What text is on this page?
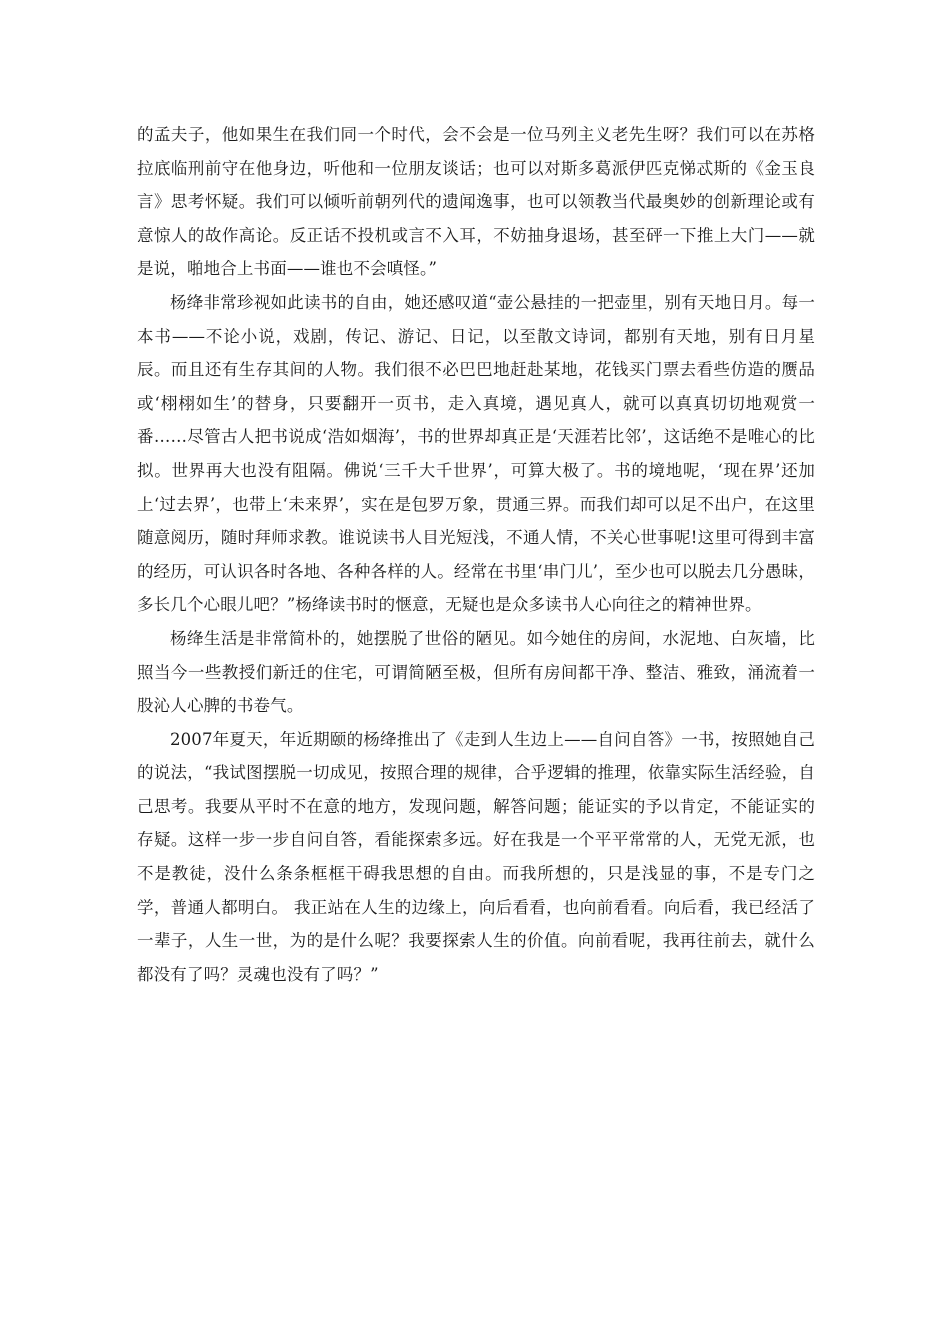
的孟夫子，他如果生在我们同一个时代，会不会是一位马列主义老先生呀？我们可以在苏格拉底临刑前守在他身边，听他和一位朋友谈话；也可以对斯多葛派伊匹克悌忒斯的《金玉良言》思考怀疑。我们可以倾听前朝列代的遗闻逸事，也可以领教当代最奥妙的创新理论或有意惊人的故作高论。反正话不投机或言不入耳，不妨抽身退场，甚至砰一下推上大门——就是说，啪地合上书面——谁也不会嗔怪。”

杨绛非常珍视如此读书的自由，她还感叹道“壶公悬挂的一把壶里，别有天地日月。每一本书——不论小说，戏剧，传记、游记、日记，以至散文诗词，都别有天地，别有日月星辰。而且还有生存其间的人物。我们很不必巴巴地赶赴某地，花钱买门票去看些仿造的赝品或‘栩栩如生’的替身，只要翻开一页书，走入真境，遇见真人，就可以真真切切地观赏一番……尽管古人把书说成‘浩如烟海’，书的世界却真正是‘天涯若比邻’，这话绝不是唯心的比拟。世界再大也没有阻隔。佛说‘三千大千世界’，可算大极了。书的境地呢，‘现在界’还加上‘过去界’，也带上‘未来界’，实在是包罗万象，贯通三界。而我们却可以足不出户，在这里随意阅历，随时拜师求教。谁说读书人目光短浅，不通人情，不关心世事呢!这里可得到丰富的经历，可认识各时各地、各种各样的人。经常在书里‘串门儿’，至少也可以脱去几分愚昧，多长几个心眼儿吧？”杨绛读书时的惬意，无疑也是众多读书人心向往之的精神世界。

杨绛生活是非常简朴的，她摆脱了世俗的陋见。如今她住的房间，水泥地、白灰墙，比照当今一些教授们新迁的住宅，可谓简陋至极，但所有房间都干净、整洁、雅致，涌流着一股沁人心脾的书卷气。

2007年夏天，年近期颐的杨绛推出了《走到人生边上——自问自答》一书，按照她自己的说法，“我试图摆脱一切成见，按照合理的规律，合乎逻辑的推理，依靠实际生活经验，自己思考。我要从平时不在意的地方，发现问题，解答问题；能证实的予以肯定，不能证实的存疑。这样一步一步自问自答，看能探索多远。好在我是一个平平常常的人，无党无派，也不是教徒，没什么条条框框干碍我思想的自由。而我所想的，只是浅显的事，不是专门之学，普通人都明白。 我正站在人生的边缘上，向后看看，也向前看看。向后看，我已经活了一辈子，人生一世，为的是什么呢？我要探索人生的价值。向前看呢，我再往前去，就什么都没有了吗？灵魂也没有了吗？”
